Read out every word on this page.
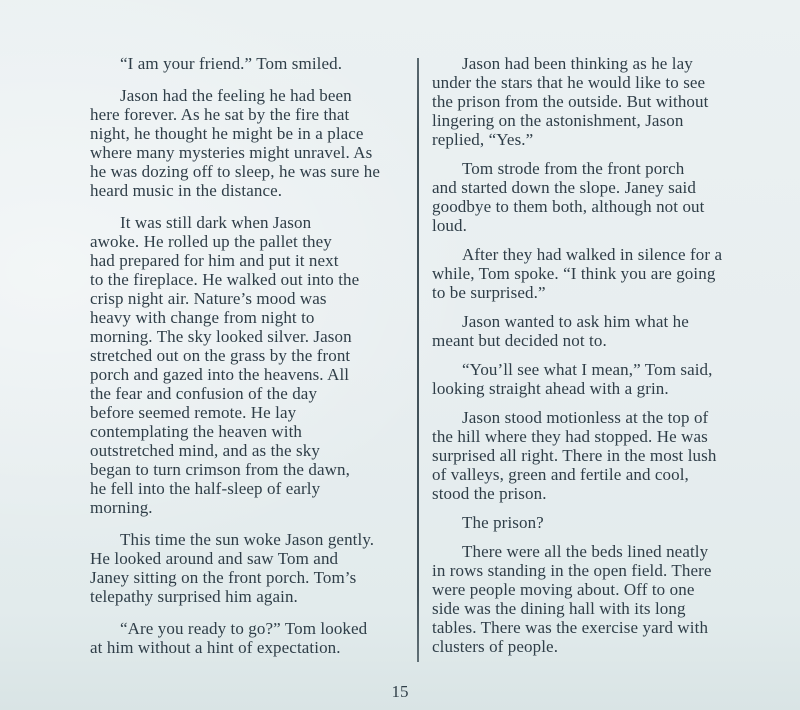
“I am your friend.” Tom smiled.

Jason had the feeling he had been
here forever. As he sat by the fire that
night, he thought he might be in a place
where many mysteries might unravel. As
he was dozing off to sleep, he was sure he
heard music in the distance.

It was still dark when Jason
awoke. He rolled up the pallet they
had prepared for him and put it next
to the fireplace. He walked out into the
crisp night air. Nature’s mood was
heavy with change from night to
morning. The sky looked silver. Jason
stretched out on the grass by the front
porch and gazed into the heavens. All
the fear and confusion of the day
before seemed remote. He lay
contemplating the heaven with
outstretched mind, and as the sky
began to turn crimson from the dawn,
he fell into the half-sleep of early
morning.

This time the sun woke Jason gently.
He looked around and saw Tom and
Janey sitting on the front porch. Tom’s
telepathy surprised him again.

“Are you ready to go?” Tom looked
at him without a hint of expectation.

Jason had been thinking as he lay
under the stars that he would like to see
the prison from the outside. But without
lingering on the astonishment, Jason
replied, “Yes.”

Tom strode from the front porch
and started down the slope. Janey said
goodbye to them both, although not out
loud.

After they had walked in silence for a
while, Tom spoke. “I think you are going
to be surprised.”

Jason wanted to ask him what he
meant but decided not to.

“You’ll see what I mean,” Tom said,
looking straight ahead with a grin.

Jason stood motionless at the top of
the hill where they had stopped. He was
surprised all right. There in the most lush
of valleys, green and fertile and cool,
stood the prison.

The prison?

There were all the beds lined neatly
in rows standing in the open field. There
were people moving about. Off to one
side was the dining hall with its long
tables. There was the exercise yard with
clusters of people.

15
